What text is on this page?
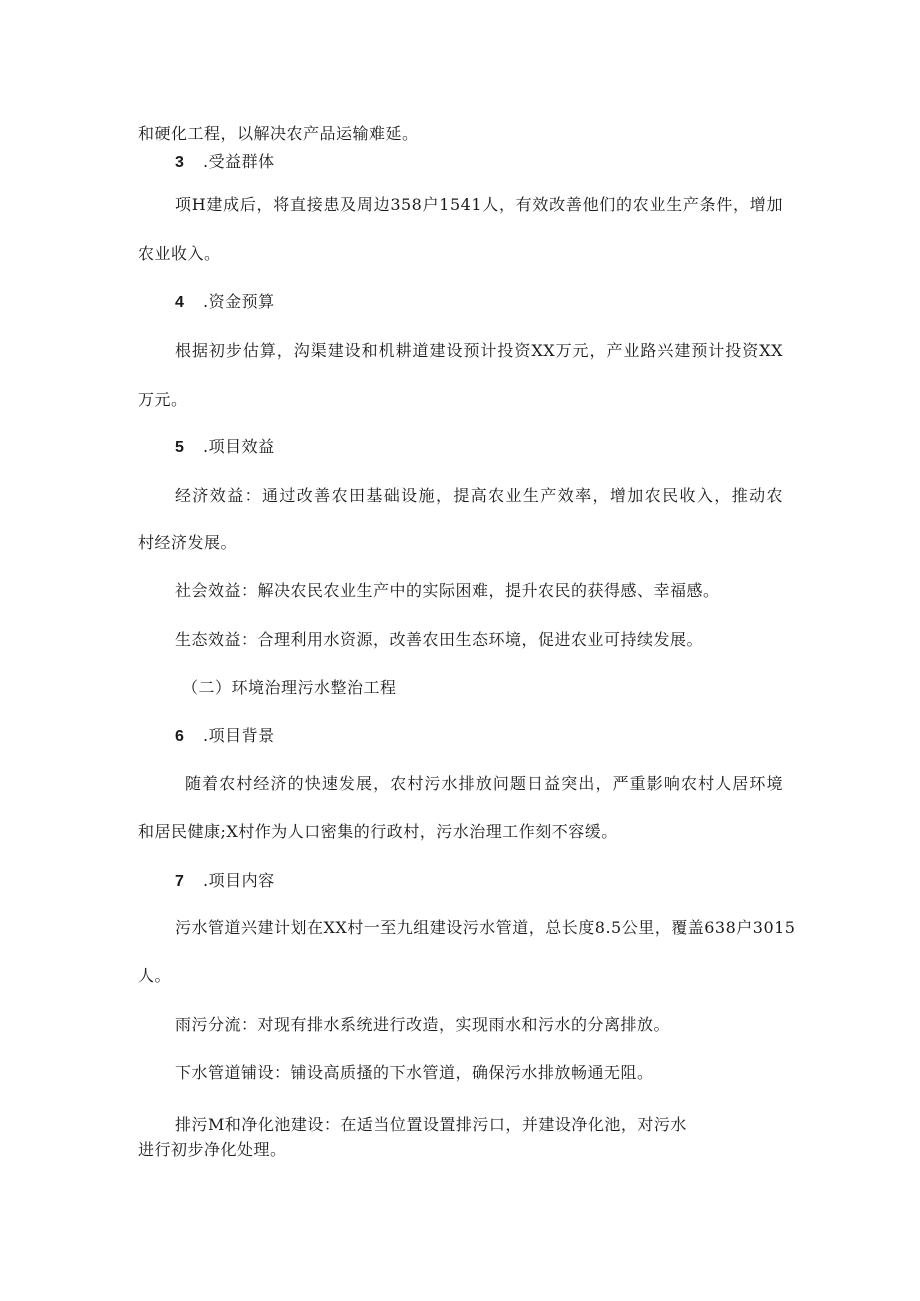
和硬化工程，以解决农产品运输难延。
3 .受益群体
项H建成后，将直接患及周边358户1541人，有效改善他们的农业生产条件，增加
农业收入。
4 .资金预算
根据初步估算，沟渠建设和机耕道建设预计投资XX万元，产业路兴建预计投资XX
万元。
5 .项目效益
经济效益：通过改善农田基础设施，提高农业生产效率，增加农民收入，推动农
村经济发展。
社会效益：解决农民农业生产中的实际困难，提升农民的获得感、幸福感。
生态效益：合理利用水资源，改善农田生态环境，促进农业可持续发展。
（二）环境治理污水整治工程
6 .项目背景
随着农村经济的快速发展，农村污水排放问题日益突出，严重影响农村人居环境
和居民健康;X村作为人口密集的行政村，污水治理工作刻不容缓。
7 .项目内容
污水管道兴建计划在XX村一至九组建设污水管道，总长度8.5公里，覆盖638户3015
人。
雨污分流：对现有排水系统进行改造，实现雨水和污水的分离排放。
下水管道铺设：铺设高质搔的下水管道，确保污水排放畅通无阻。
排污M和净化池建设：在适当位置设置排污口，并建设净化池，对污水
进行初步净化处理。
